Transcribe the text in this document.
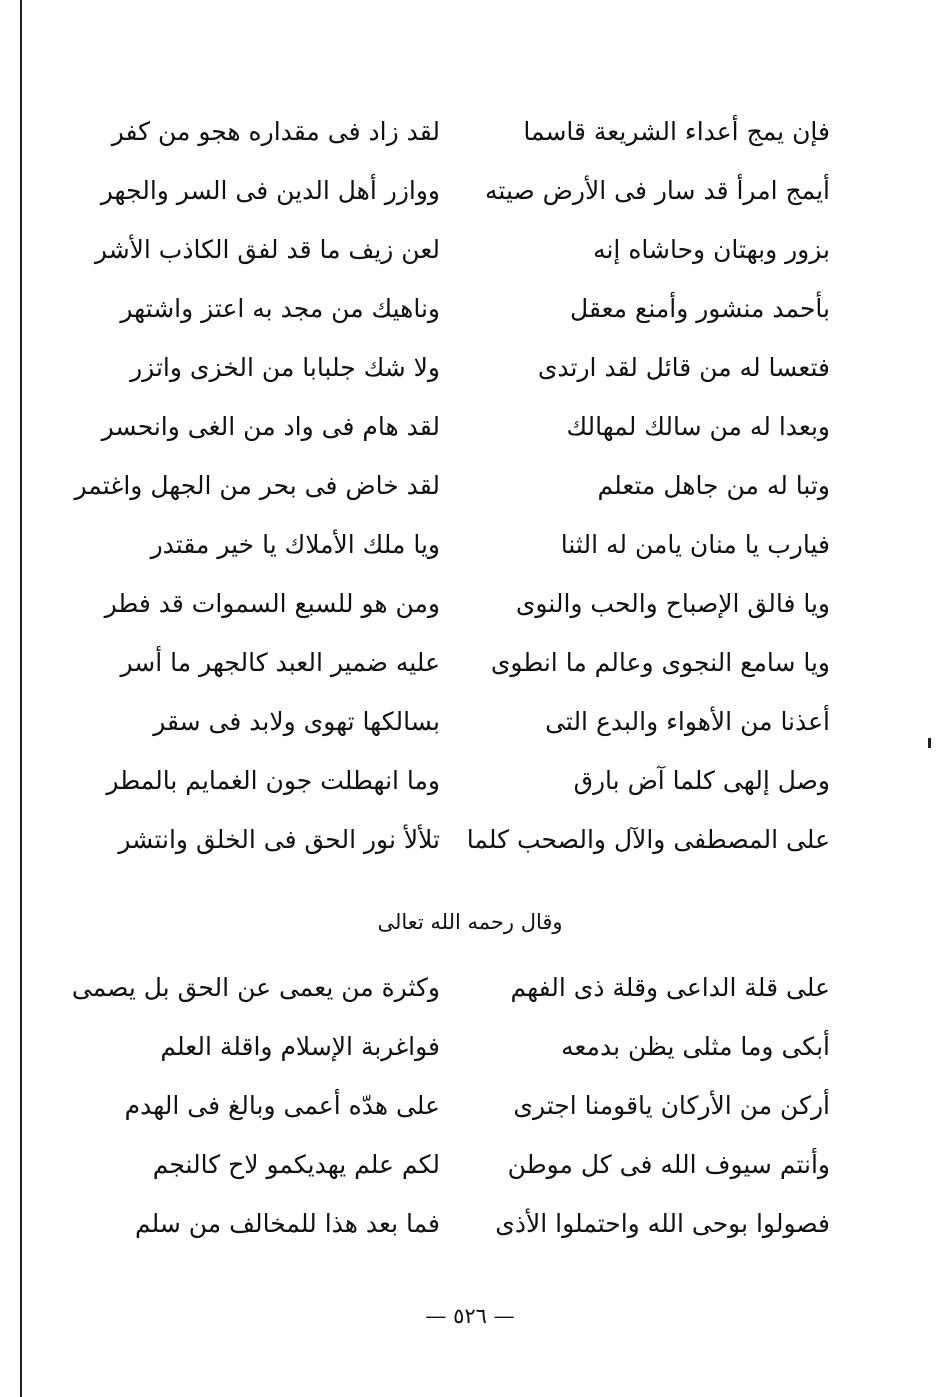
فإن يمج أعداء الشريعة قاسما
لقد زاد فى مقداره هجو من كفر
أيمج امرأ قد سار فى الأرض صيته
ووازر أهل الدين فى السر والجهر
بزور وبهتان وحاشاه إنه
لعن زيف ما قد لفق الكاذب الأشر
بأحمد منشور وأمنع معقل
وناهيك من مجد به اعتز واشتهر
فتعسا له من قائل لقد ارتدى
ولا شك جلبابا من الخزى واتزر
وبعدا له من سالك لمهالك
لقد هام فى واد من الغى وانحسر
وتبا له من جاهل متعلم
لقد خاض فى بحر من الجهل واغتمر
فيارب يا منان يامن له الثنا
ويا ملك الأملاك يا خير مقتدر
ويا فالق الإصباح والحب والنوى
ومن هو للسبع السموات قد فطر
ويا سامع النجوى وعالم ما انطوى
عليه ضمير العبد كالجهر ما أسر
أعذنا من الأهواء والبدع التى
بسالكها تهوى ولابد فى سقر
وصل إلهى كلما آض بارق
وما انهطلت جون الغمايم بالمطر
على المصطفى والآل والصحب كلما
تلألأ نور الحق فى الخلق وانتشر
وقال رحمه الله تعالى
على قلة الداعى وقلة ذى الفهم
وكثرة من يعمى عن الحق بل يصمى
أبكى وما مثلى يظن بدمعه
فواغربة الإسلام واقلة العلم
أركن من الأركان ياقومنا اجترى
على هدّه أعمى وبالغ فى الهدم
وأنتم سيوف الله فى كل موطن
لكم علم يهديكمو لاح كالنجم
فصولوا بوحى الله واحتملوا الأذى
فما بعد هذا للمخالف من سلم
— ٥٢٦ —
